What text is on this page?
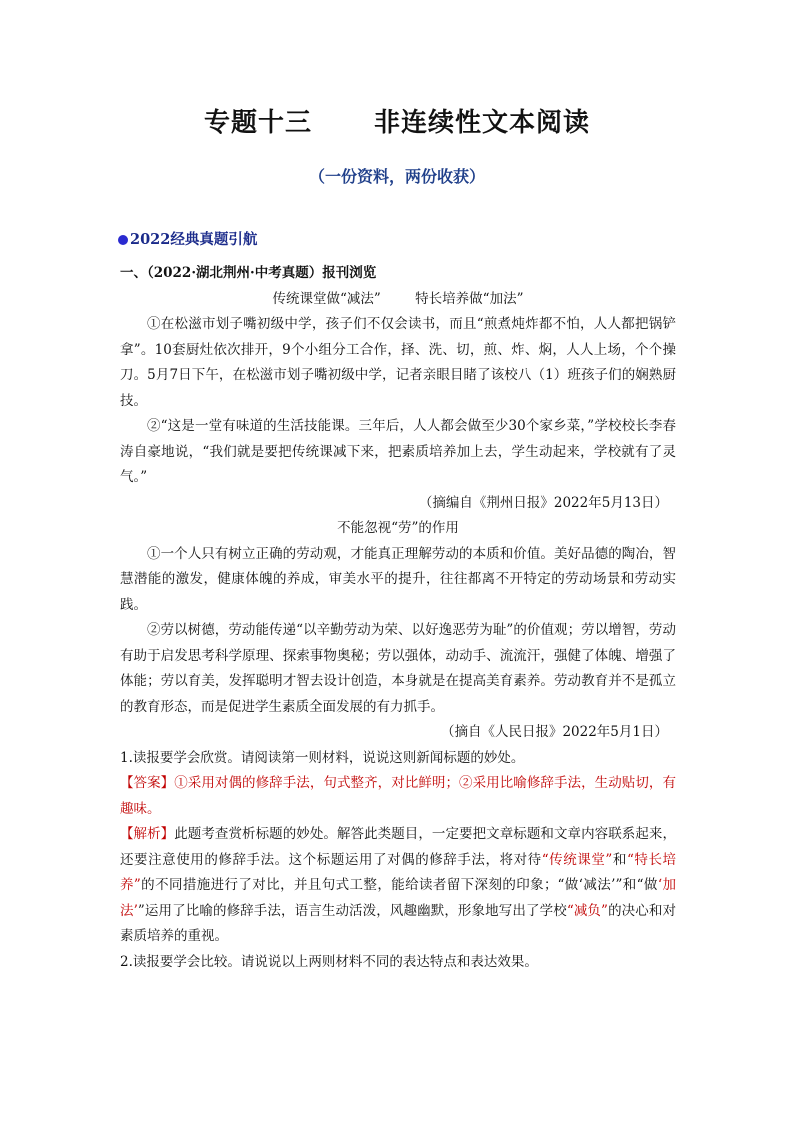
专题十三 非连续性文本阅读
（一份资料，两份收获）
2022经典真题引航

一、（2022·湖北荆州·中考真题）报刊浏览

传统课堂做“减法”        特长培养做“加法”

①在松滋市划子嘴初级中学，孩子们不仅会读书，而且“煎煮炖炸都不怕，人人都把锅铲拿”。10套厨灶依次排开，9个小组分工合作，择、洗、切，煎、炸、焖，人人上场，个个操刀。5月7日下午，在松滋市划子嘴初级中学，记者亲眼目睹了该校八（1）班孩子们的娴熟厨技。

②“这是一堂有味道的生活技能课。三年后，人人都会做至少30个家乡菜，”学校校长李春涛自豪地说，“我们就是要把传统课减下来，把素质培养加上去，学生动起来，学校就有了灵气。”

（摘编自《荆州日报》2022年5月13日）

不能忽视“劳”的作用

①一个人只有树立正确的劳动观，才能真正理解劳动的本质和价值。美好品德的陶冶，智慧潜能的激发，健康体魄的养成，审美水平的提升，往往都离不开特定的劳动场景和劳动实践。

②劳以树德，劳动能传递“以辛勤劳动为荣、以好逸恶劳为耻”的价值观；劳以增智，劳动有助于启发思考科学原理、探索事物奥秘；劳以强体，动动手、流流汗，强健了体魄、增强了体能；劳以育美，发挥聪明才智去设计创造，本身就是在提高美育素养。劳动教育并不是孤立的教育形态，而是促进学生素质全面发展的有力抓手。

（摘自《人民日报》2022年5月1日）

1.读报要学会欣赏。请阅读第一则材料，说说这则新闻标题的妙处。

【答案】①采用对偶的修辞手法，句式整齐，对比鲜明；②采用比喻修辞手法，生动贴切，有趣味。

【解析】此题考查赏析标题的妙处。解答此类题目，一定要把文章标题和文章内容联系起来，还要注意使用的修辞手法。这个标题运用了对偶的修辞手法，将对待“传统课堂”和“特长培养”的不同措施进行了对比，并且句式工整，能给读者留下深刻的印象；“做‘减法’”和“做‘加法’”运用了比喻的修辞手法，语言生动活泼，风趣幽默，形象地写出了学校“减负”的决心和对素质培养的重视。

2.读报要学会比较。请说说以上两则材料不同的表达特点和表达效果。
